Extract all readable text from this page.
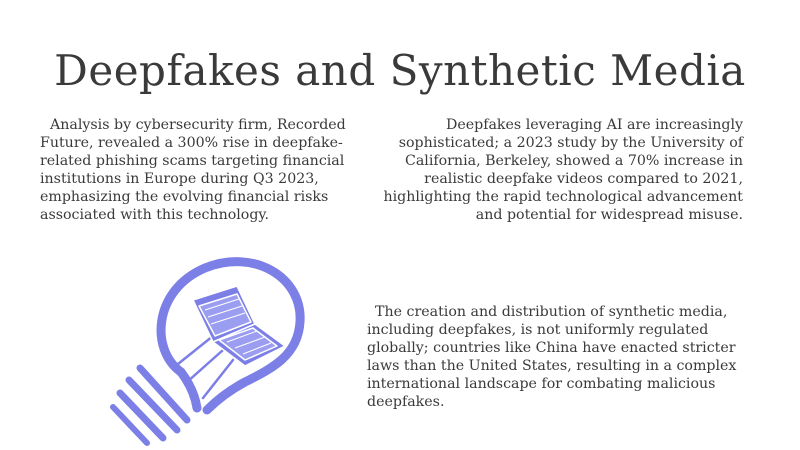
Deepfakes and Synthetic Media

Analysis by cybersecurity firm, Recorded Future, revealed a 300% rise in deepfake-related phishing scams targeting financial institutions in Europe during Q3 2023, emphasizing the evolving financial risks associated with this technology.

Deepfakes leveraging AI are increasingly sophisticated; a 2023 study by the University of California, Berkeley, showed a 70% increase in realistic deepfake videos compared to 2021, highlighting the rapid technological advancement and potential for widespread misuse.

The creation and distribution of synthetic media, including deepfakes, is not uniformly regulated globally; countries like China have enacted stricter laws than the United States, resulting in a complex international landscape for combating malicious deepfakes.
